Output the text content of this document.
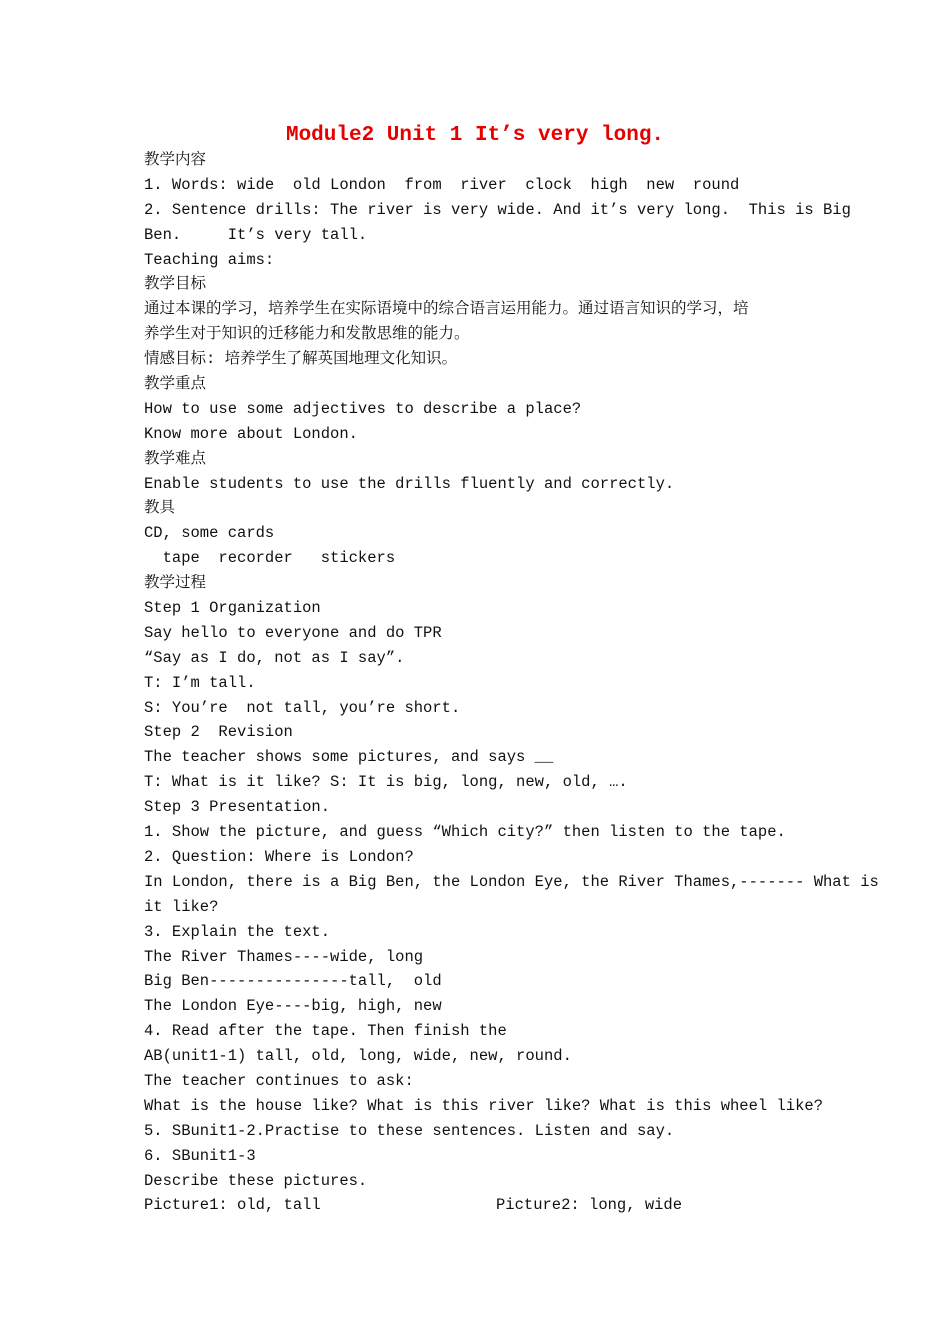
Module2 Unit 1 It’s very long.
教学内容
1. Words: wide  old London  from  river  clock  high  new  round
2. Sentence drills: The river is very wide. And it’s very long.  This is Big
Ben.     It’s very tall.
Teaching aims:
教学目标
通过本课的学习，培养学生在实际语境中的综合语言运用能力。通过语言知识的学习，培
养学生对于知识的迁移能力和发散思维的能力。
情感目标: 培养学生了解英国地理文化知识。
教学重点
How to use some adjectives to describe a place?
Know more about London.
教学难点
Enable students to use the drills fluently and correctly.
教具
CD, some cards
tape  recorder   stickers
教学过程
Step 1 Organization
Say hello to everyone and do TPR
“Say as I do, not as I say”.
T: I’m tall.
S: You’re  not tall, you’re short.
Step 2  Revision
The teacher shows some pictures, and says __
T: What is it like? S: It is big, long, new, old, ….
Step 3 Presentation.
1. Show the picture, and guess “Which city?” then listen to the tape.
2. Question: Where is London?
In London, there is a Big Ben, the London Eye, the River Thames,------- What is
it like?
3. Explain the text.
The River Thames----wide, long
Big Ben---------------tall,  old
The London Eye----big, high, new
4. Read after the tape. Then finish the
AB(unit1-1) tall, old, long, wide, new, round.
The teacher continues to ask:
What is the house like? What is this river like? What is this wheel like?
5. SBunit1-2.Practise to these sentences. Listen and say.
6. SBunit1-3
Describe these pictures.
Picture1: old, tall	Picture2: long, wide
